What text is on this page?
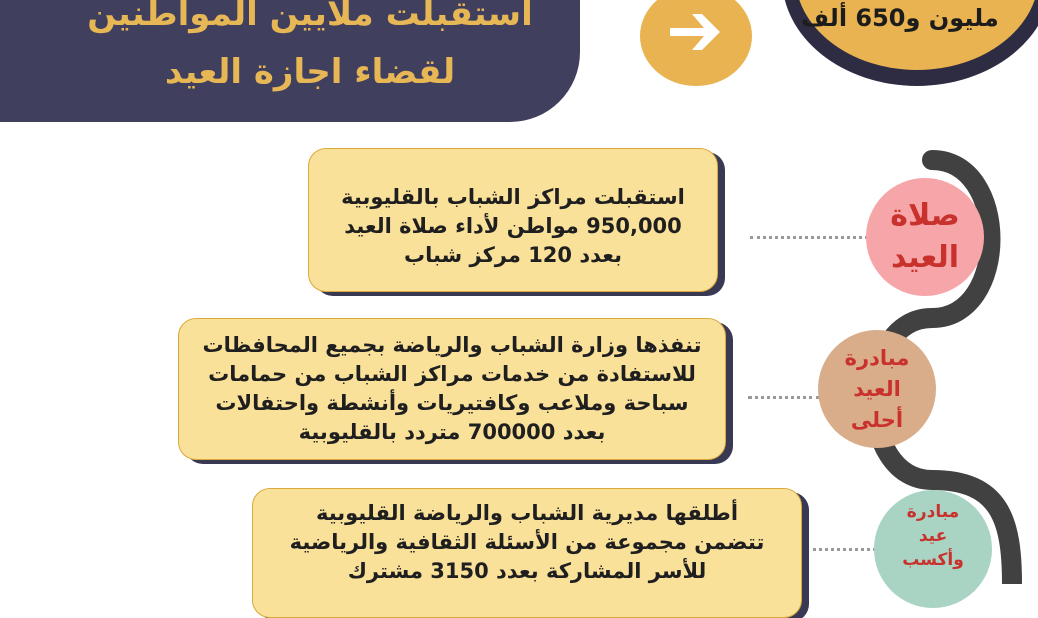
استقبلت ملايين المواطنين
لقضاء اجازة العيد
مليون و650 ألف
استقبلت مراكز الشباب بالقليوبية
950,000 مواطن لأداء صلاة العيد
بعدد 120 مركز شباب
صلاة
العيد
تنفذها وزارة الشباب والرياضة بجميع المحافظات
للاستفادة من خدمات مراكز الشباب من حمامات
سباحة وملاعب وكافتيريات وأنشطة واحتفالات
بعدد 700000 متردد بالقليوبية
مبادرة
العيد
أحلى
أطلقها مديرية الشباب والرياضة القليوبية
تتضمن مجموعة من الأسئلة الثقافية والرياضية
للأسر المشاركة بعدد 3150 مشترك
مبادرة
عيد
وأكسب
